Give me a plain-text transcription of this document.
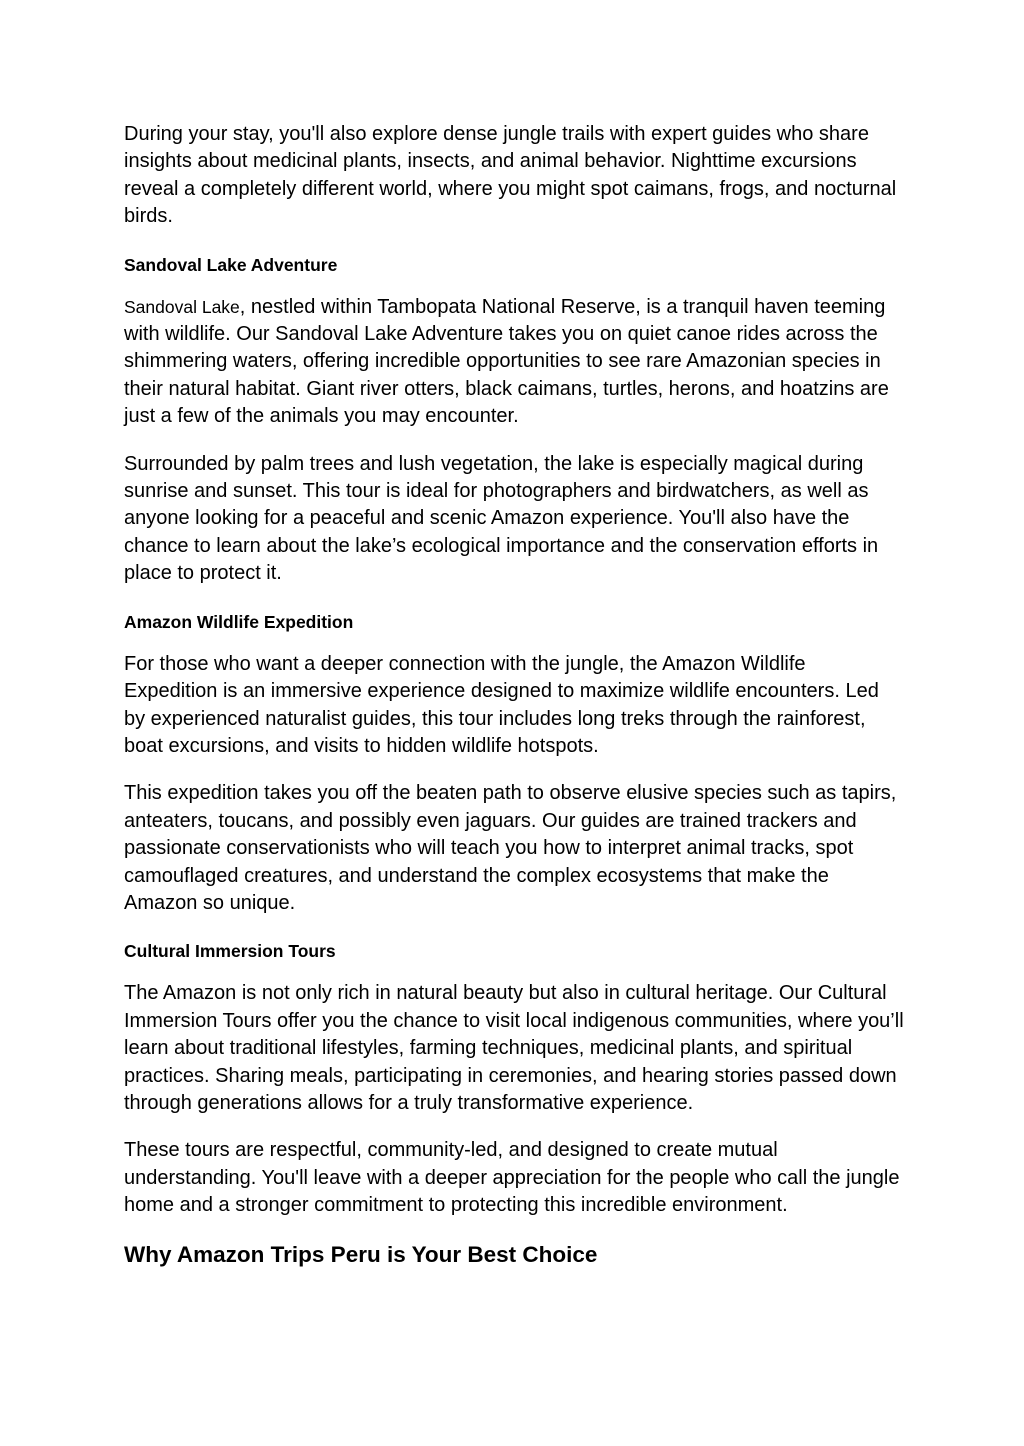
During your stay, you'll also explore dense jungle trails with expert guides who share insights about medicinal plants, insects, and animal behavior. Nighttime excursions reveal a completely different world, where you might spot caimans, frogs, and nocturnal birds.

Sandoval Lake Adventure

Sandoval Lake, nestled within Tambopata National Reserve, is a tranquil haven teeming with wildlife. Our Sandoval Lake Adventure takes you on quiet canoe rides across the shimmering waters, offering incredible opportunities to see rare Amazonian species in their natural habitat. Giant river otters, black caimans, turtles, herons, and hoatzins are just a few of the animals you may encounter.

Surrounded by palm trees and lush vegetation, the lake is especially magical during sunrise and sunset. This tour is ideal for photographers and birdwatchers, as well as anyone looking for a peaceful and scenic Amazon experience. You'll also have the chance to learn about the lake’s ecological importance and the conservation efforts in place to protect it.

Amazon Wildlife Expedition

For those who want a deeper connection with the jungle, the Amazon Wildlife Expedition is an immersive experience designed to maximize wildlife encounters. Led by experienced naturalist guides, this tour includes long treks through the rainforest, boat excursions, and visits to hidden wildlife hotspots.

This expedition takes you off the beaten path to observe elusive species such as tapirs, anteaters, toucans, and possibly even jaguars. Our guides are trained trackers and passionate conservationists who will teach you how to interpret animal tracks, spot camouflaged creatures, and understand the complex ecosystems that make the Amazon so unique.

Cultural Immersion Tours

The Amazon is not only rich in natural beauty but also in cultural heritage. Our Cultural Immersion Tours offer you the chance to visit local indigenous communities, where you’ll learn about traditional lifestyles, farming techniques, medicinal plants, and spiritual practices. Sharing meals, participating in ceremonies, and hearing stories passed down through generations allows for a truly transformative experience.

These tours are respectful, community-led, and designed to create mutual understanding. You'll leave with a deeper appreciation for the people who call the jungle home and a stronger commitment to protecting this incredible environment.

Why Amazon Trips Peru is Your Best Choice
